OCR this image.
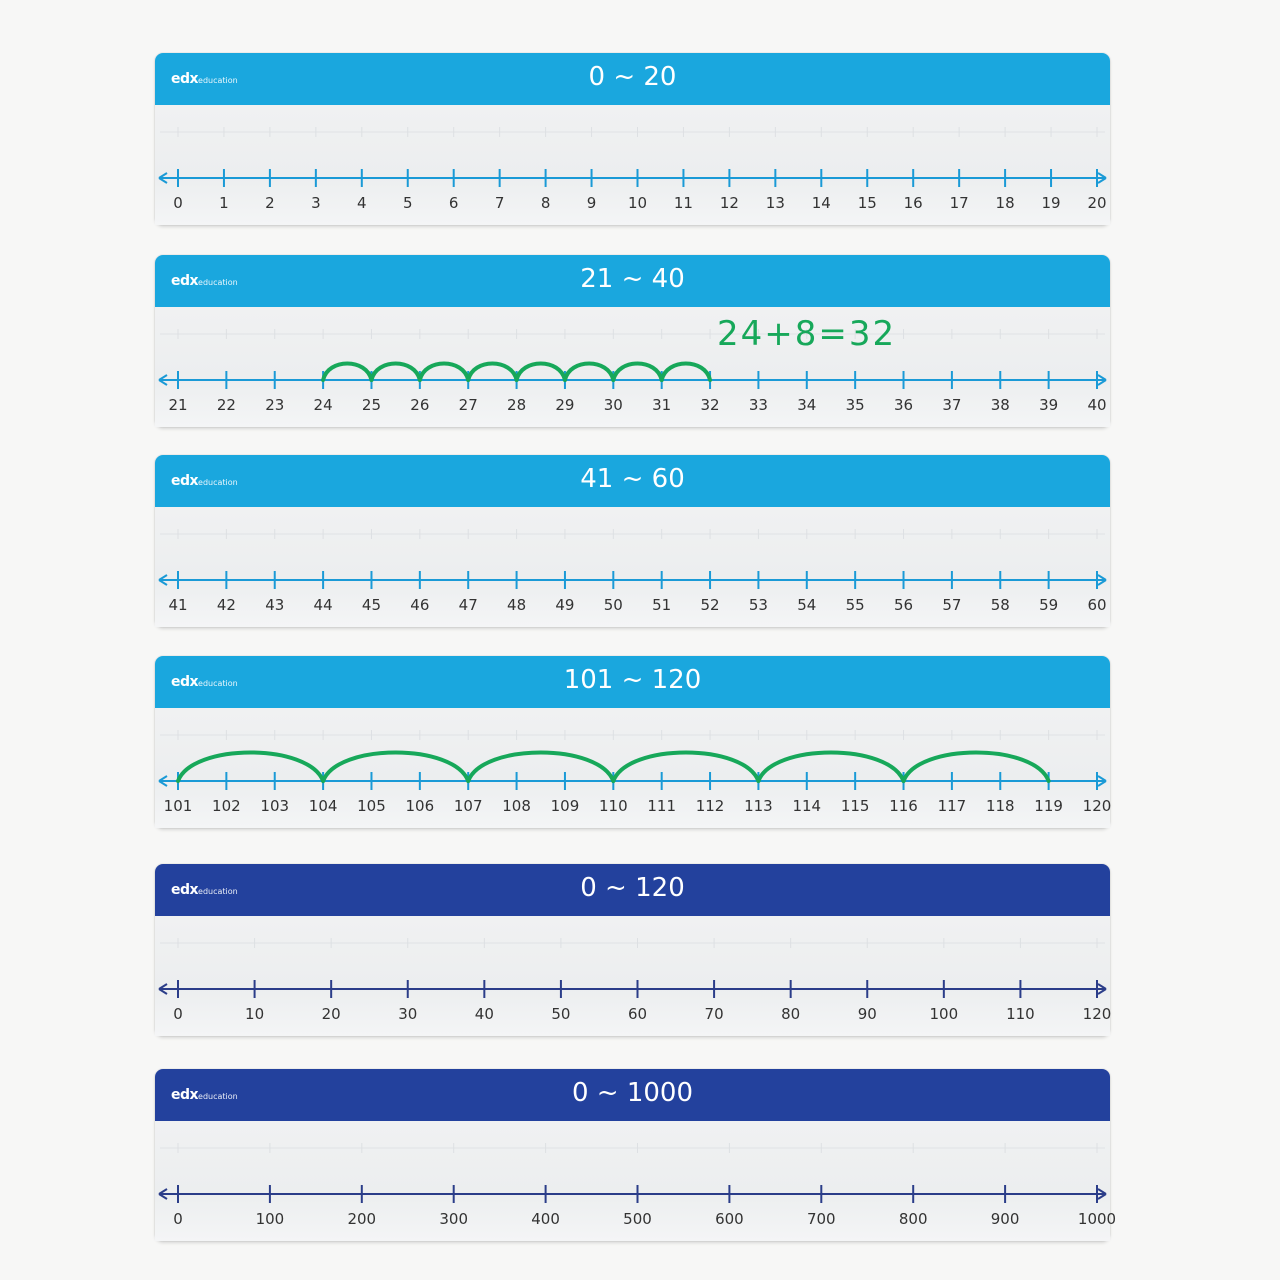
edxeducation	0 ~ 20
0 1 2 3 4 5 6 7 8 9 10 11 12 13 14 15 16 17 18 19 20
edxeducation	21 ~ 40
21 22 23 24 25 26 27 28 29 30 31 32 33 34 35 36 37 38 39 40
24+8=32
edxeducation	41 ~ 60
41 42 43 44 45 46 47 48 49 50 51 52 53 54 55 56 57 58 59 60
edxeducation	101 ~ 120
101 102 103 104 105 106 107 108 109 110 111 112 113 114 115 116 117 118 119 120
edxeducation	0 ~ 120
0	10	20	30	40	50	60	70	80	90	100	110	120
edxeducation	0 ~ 1000
0	100	200	300	400	500	600	700	800	900	1000
